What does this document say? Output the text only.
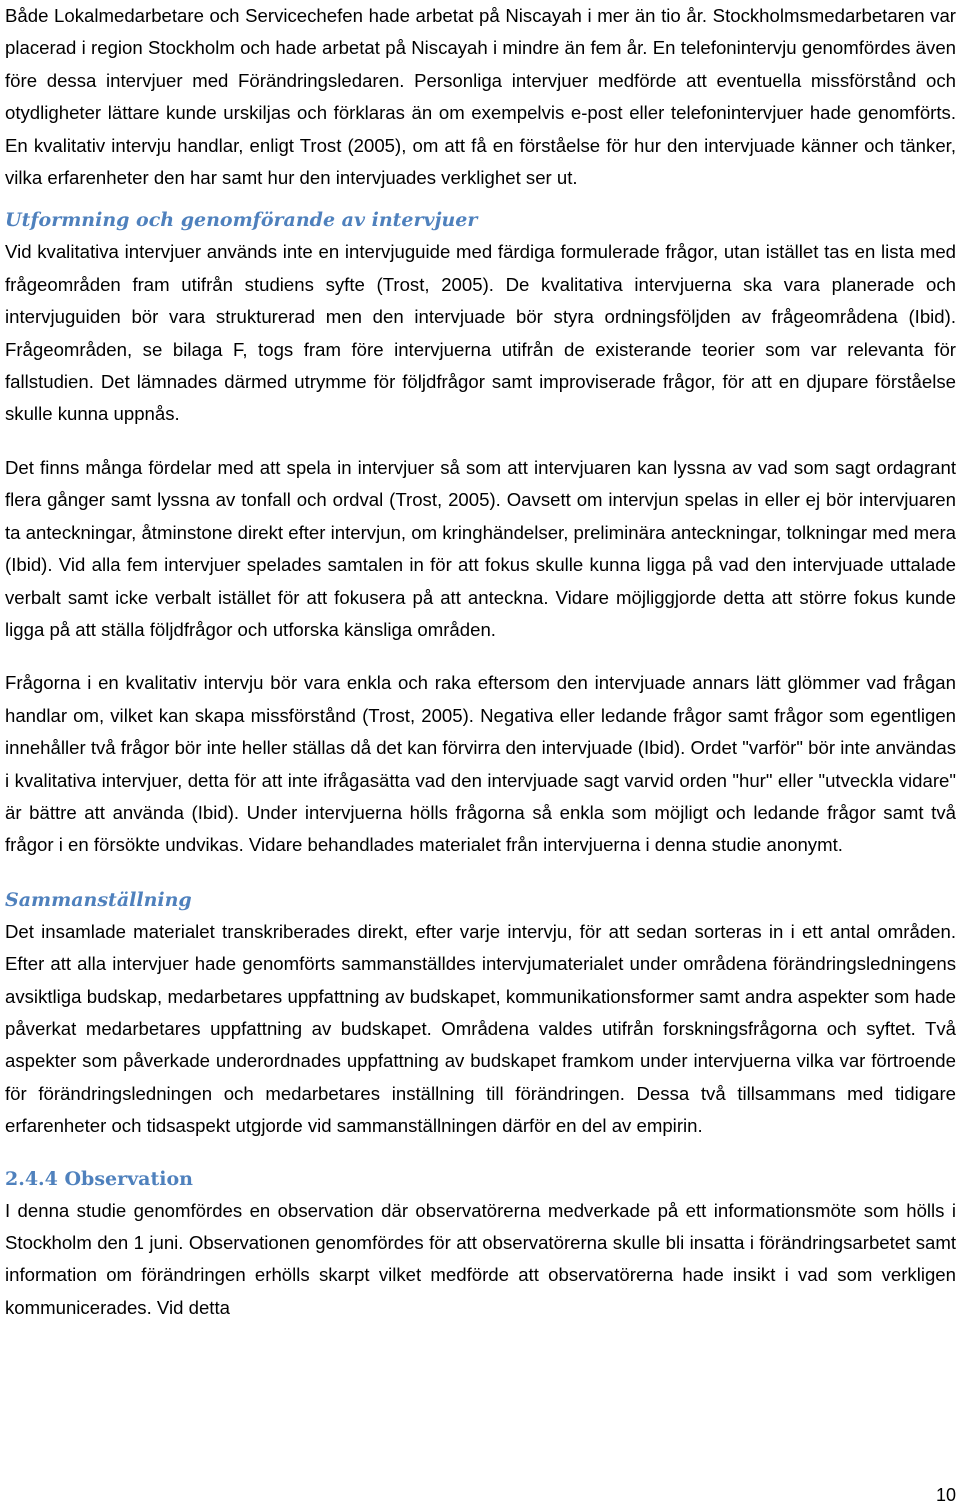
Både Lokalmedarbetare och Servicechefen hade arbetat på Niscayah i mer än tio år. Stockholmsmedarbetaren var placerad i region Stockholm och hade arbetat på Niscayah i mindre än fem år. En telefonintervju genomfördes även före dessa intervjuer med Förändringsledaren. Personliga intervjuer medförde att eventuella missförstånd och otydligheter lättare kunde urskiljas och förklaras än om exempelvis e-post eller telefonintervjuer hade genomförts. En kvalitativ intervju handlar, enligt Trost (2005), om att få en förståelse för hur den intervjuade känner och tänker, vilka erfarenheter den har samt hur den intervjuades verklighet ser ut.

Utformning och genomförande av intervjuer

Vid kvalitativa intervjuer används inte en intervjuguide med färdiga formulerade frågor, utan istället tas en lista med frågeområden fram utifrån studiens syfte (Trost, 2005). De kvalitativa intervjuerna ska vara planerade och intervjuguiden bör vara strukturerad men den intervjuade bör styra ordningsföljden av frågeområdena (Ibid). Frågeområden, se bilaga F, togs fram före intervjuerna utifrån de existerande teorier som var relevanta för fallstudien. Det lämnades därmed utrymme för följdfrågor samt improviserade frågor, för att en djupare förståelse skulle kunna uppnås.

Det finns många fördelar med att spela in intervjuer så som att intervjuaren kan lyssna av vad som sagt ordagrant flera gånger samt lyssna av tonfall och ordval (Trost, 2005). Oavsett om intervjun spelas in eller ej bör intervjuaren ta anteckningar, åtminstone direkt efter intervjun, om kringhändelser, preliminära anteckningar, tolkningar med mera (Ibid). Vid alla fem intervjuer spelades samtalen in för att fokus skulle kunna ligga på vad den intervjuade uttalade verbalt samt icke verbalt istället för att fokusera på att anteckna. Vidare möjliggjorde detta att större fokus kunde ligga på att ställa följdfrågor och utforska känsliga områden.

Frågorna i en kvalitativ intervju bör vara enkla och raka eftersom den intervjuade annars lätt glömmer vad frågan handlar om, vilket kan skapa missförstånd (Trost, 2005). Negativa eller ledande frågor samt frågor som egentligen innehåller två frågor bör inte heller ställas då det kan förvirra den intervjuade (Ibid). Ordet "varför" bör inte användas i kvalitativa intervjuer, detta för att inte ifrågasätta vad den intervjuade sagt varvid orden "hur" eller "utveckla vidare" är bättre att använda (Ibid). Under intervjuerna hölls frågorna så enkla som möjligt och ledande frågor samt två frågor i en försökte undvikas. Vidare behandlades materialet från intervjuerna i denna studie anonymt.

Sammanställning

Det insamlade materialet transkriberades direkt, efter varje intervju, för att sedan sorteras in i ett antal områden. Efter att alla intervjuer hade genomförts sammanställdes intervjumaterialet under områdena förändringsledningens avsiktliga budskap, medarbetares uppfattning av budskapet, kommunikationsformer samt andra aspekter som hade påverkat medarbetares uppfattning av budskapet. Områdena valdes utifrån forskningsfrågorna och syftet. Två aspekter som påverkade underordnades uppfattning av budskapet framkom under intervjuerna vilka var förtroende för förändringsledningen och medarbetares inställning till förändringen. Dessa två tillsammans med tidigare erfarenheter och tidsaspekt utgjorde vid sammanställningen därför en del av empirin.

2.4.4 Observation

I denna studie genomfördes en observation där observatörerna medverkade på ett informationsmöte som hölls i Stockholm den 1 juni. Observationen genomfördes för att observatörerna skulle bli insatta i förändringsarbetet samt information om förändringen erhölls skarpt vilket medförde att observatörerna hade insikt i vad som verkligen kommunicerades. Vid detta

10
